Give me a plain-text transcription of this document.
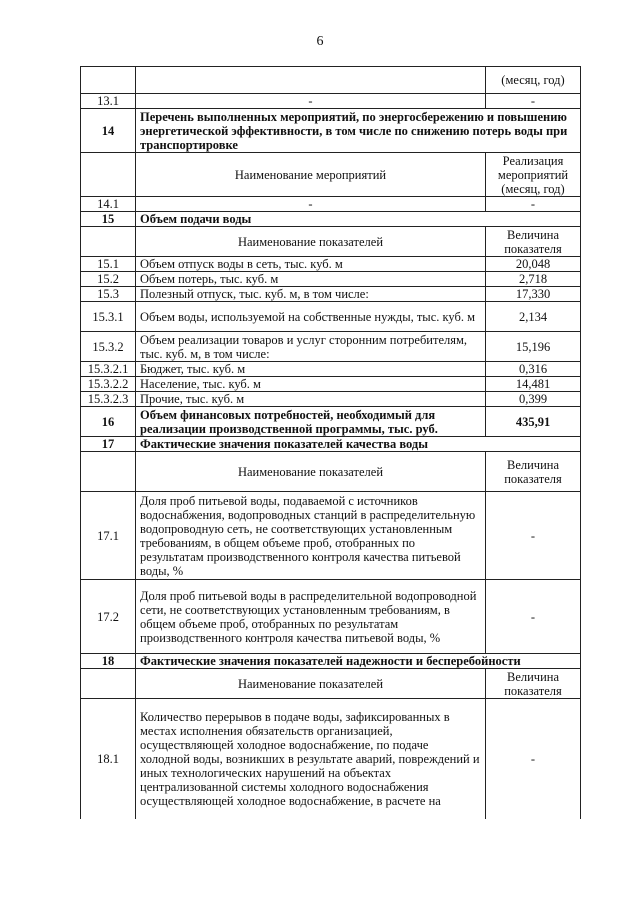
6
		(месяц, год)
13.1	-	-
14	Перечень выполненных мероприятий, по энергосбережению и повышению энергетической эффективности, в том числе по снижению потерь воды при транспортировке	
	Наименование мероприятий	Реализация мероприятий (месяц, год)
14.1	-	-
15	Объем подачи воды	
	Наименование показателей	Величина показателя
15.1	Объем отпуск воды в сеть, тыс. куб. м	20,048
15.2	Объем потерь, тыс. куб. м	2,718
15.3	Полезный отпуск, тыс. куб. м, в том числе:	17,330
15.3.1	Объем воды, используемой на собственные нужды, тыс. куб. м	2,134
15.3.2	Объем реализации товаров и услуг сторонним потребителям, тыс. куб. м, в том числе:	15,196
15.3.2.1	Бюджет, тыс. куб. м	0,316
15.3.2.2	Население, тыс. куб. м	14,481
15.3.2.3	Прочие, тыс. куб. м	0,399
16	Объем финансовых потребностей, необходимый для реализации производственной программы, тыс. руб.	435,91
17	Фактические значения показателей качества воды	
	Наименование показателей	Величина показателя
17.1	Доля проб питьевой воды, подаваемой с источников водоснабжения, водопроводных станций в распределительную водопроводную сеть, не соответствующих установленным требованиям, в общем объеме проб, отобранных по результатам производственного контроля качества питьевой воды, %	-
17.2	Доля проб питьевой воды в распределительной водопроводной сети, не соответствующих установленным требованиям, в общем объеме проб, отобранных по результатам производственного контроля качества питьевой воды, %	-
18	Фактические значения показателей надежности и бесперебойности	
	Наименование показателей	Величина показателя
18.1	Количество перерывов в подаче воды, зафиксированных в местах исполнения обязательств организацией, осуществляющей холодное водоснабжение, по подаче холодной воды, возникших в результате аварий, повреждений и иных технологических нарушений на объектах централизованной системы холодного водоснабжения осуществляющей холодное водоснабжение, в расчете на	-
